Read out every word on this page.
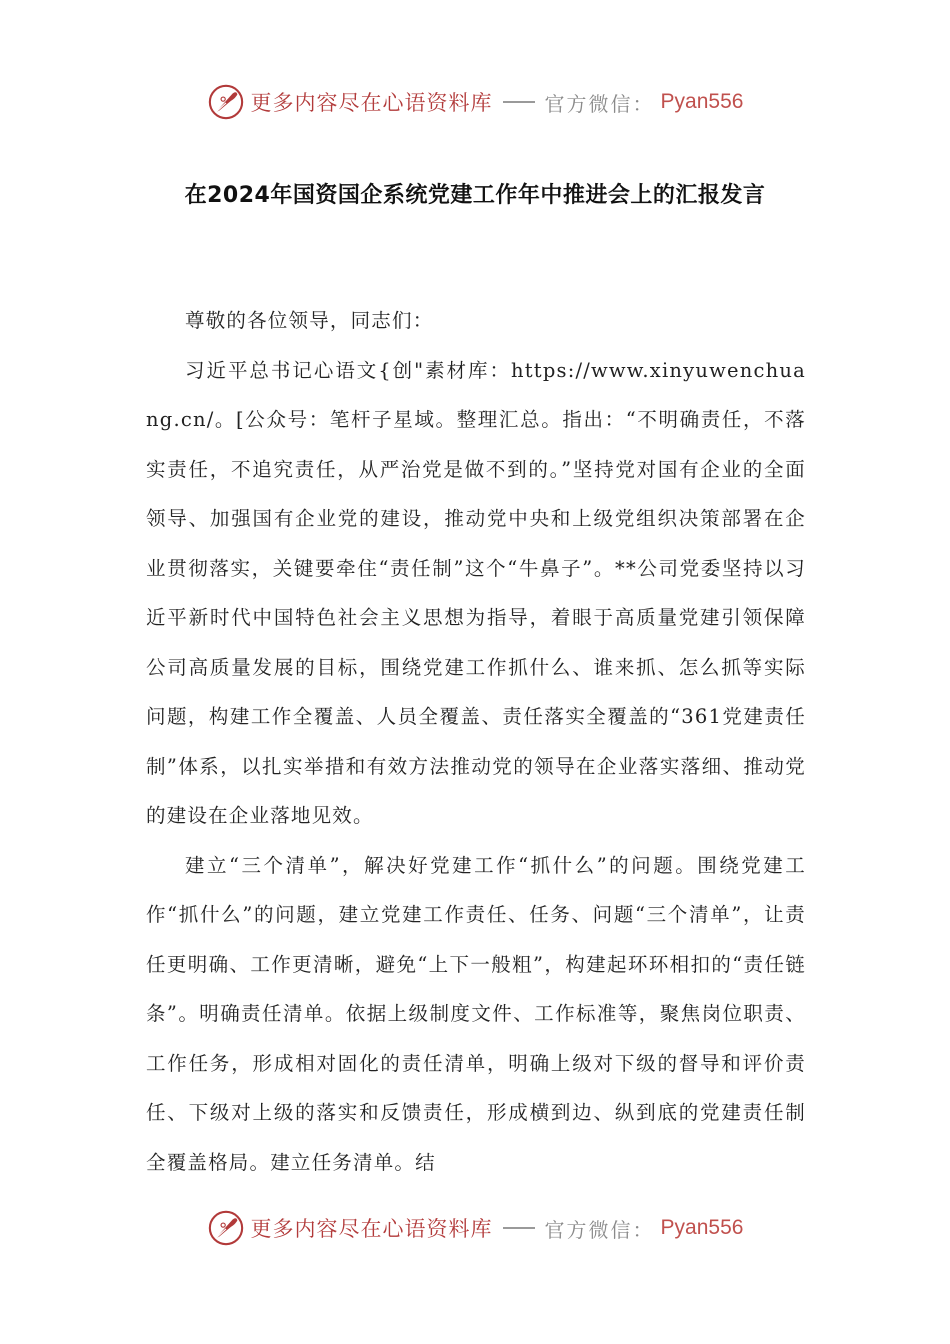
更多内容尽在心语资料库	官方微信： Pyan556
在2024年国资国企系统党建工作年中推进会上的汇报发言

尊敬的各位领导，同志们：

习近平总书记心语文{创"素材库：https://www.xinyuwenchuang.cn/。[公众号：笔杆子星域。整理汇总。指出：“不明确责任，不落实责任，不追究责任，从严治党是做不到的。”坚持党对国有企业的全面领导、加强国有企业党的建设，推动党中央和上级党组织决策部署在企业贯彻落实，关键要牵住“责任制”这个“牛鼻子”。**公司党委坚持以习近平新时代中国特色社会主义思想为指导，着眼于高质量党建引领保障公司高质量发展的目标，围绕党建工作抓什么、谁来抓、怎么抓等实际问题，构建工作全覆盖、人员全覆盖、责任落实全覆盖的“361党建责任制”体系，以扎实举措和有效方法推动党的领导在企业落实落细、推动党的建设在企业落地见效。

建立“三个清单”，解决好党建工作“抓什么”的问题。围绕党建工作“抓什么”的问题，建立党建工作责任、任务、问题“三个清单”，让责任更明确、工作更清晰，避免“上下一般粗”，构建起环环相扣的“责任链条”。明确责任清单。依据上级制度文件、工作标准等，聚焦岗位职责、工作任务，形成相对固化的责任清单，明确上级对下级的督导和评价责任、下级对上级的落实和反馈责任，形成横到边、纵到底的党建责任制全覆盖格局。建立任务清单。结

更多内容尽在心语资料库	官方微信： Pyan556
